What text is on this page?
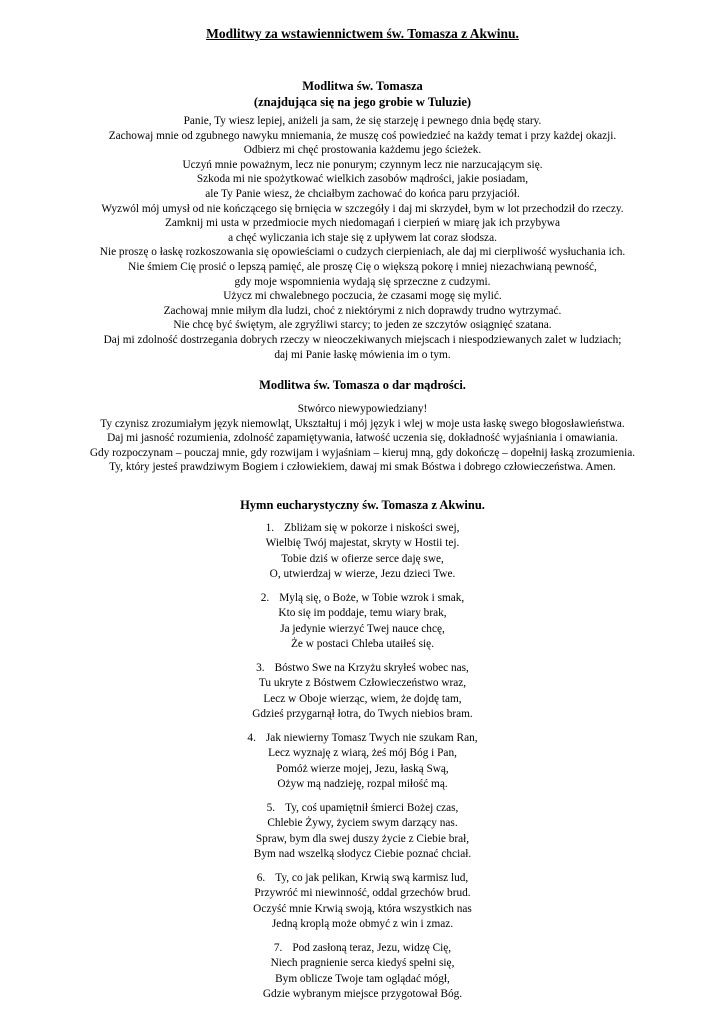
Modlitwy za wstawiennictwem św. Tomasza z Akwinu.
Modlitwa św. Tomasza
(znajdująca się na jego grobie w Tuluzie)
Panie, Ty wiesz lepiej, aniżeli ja sam, że się starzeję i pewnego dnia będę stary.
Zachowaj mnie od zgubnego nawyku mniemania, że muszę coś powiedzieć na każdy temat i przy każdej okazji.
Odbierz mi chęć prostowania każdemu jego ścieżek.
Uczyń mnie poważnym, lecz nie ponurym; czynnym lecz nie narzucającym się.
Szkoda mi nie spożytkować wielkich zasobów mądrości, jakie posiadam,
ale Ty Panie wiesz, że chciałbym zachować do końca paru przyjaciół.
Wyzwól mój umysł od nie kończącego się brnięcia w szczegóły i daj mi skrzydeł, bym w lot przechodził do rzeczy.
Zamknij mi usta w przedmiocie mych niedomagań i cierpień w miarę jak ich przybywa
a chęć wyliczania ich staje się z upływem lat coraz słodsza.
Nie proszę o łaskę rozkoszowania się opowieściami o cudzych cierpieniach, ale daj mi cierpliwość wysłuchania ich.
Nie śmiem Cię prosić o lepszą pamięć, ale proszę Cię o większą pokorę i mniej niezachwianą pewność,
gdy moje wspomnienia wydają się sprzeczne z cudzymi.
Użycz mi chwalebnego poczucia, że czasami mogę się mylić.
Zachowaj mnie miłym dla ludzi, choć z niektórymi z nich doprawdy trudno wytrzymać.
Nie chcę być świętym, ale zgryźliwi starcy; to jeden ze szczytów osiągnięć szatana.
Daj mi zdolność dostrzegania dobrych rzeczy w nieoczekiwanych miejscach i niespodziewanych zalet w ludziach;
daj mi Panie łaskę mówienia im o tym.
Modlitwa św. Tomasza o dar mądrości.
Stwórco niewypowiedziany!
Ty czynisz zrozumiałym język niemowląt, Ukształtuj i mój język i wlej w moje usta łaskę swego błogosławieństwa.
Daj mi jasność rozumienia, zdolność zapamiętywania, łatwość uczenia się, dokładność wyjaśniania i omawiania.
Gdy rozpoczynam – pouczaj mnie, gdy rozwijam i wyjaśniam – kieruj mną, gdy dokończę – dopełnij łaską zrozumienia.
Ty, który jesteś prawdziwym Bogiem i człowiekiem, dawaj mi smak Bóstwa i dobrego człowieczeństwa. Amen.
Hymn eucharystyczny św. Tomasza z Akwinu.
1. Zbliżam się w pokorze i niskości swej,
Wielbię Twój majestat, skryty w Hostii tej.
Tobie dziś w ofierze serce daję swe,
O, utwierdzaj w wierze, Jezu dzieci Twe.
2. Mylą się, o Boże, w Tobie wzrok i smak,
Kto się im poddaje, temu wiary brak,
Ja jedynie wierzyć Twej nauce chcę,
Że w postaci Chleba utaiłeś się.
3. Bóstwo Swe na Krzyżu skryłeś wobec nas,
Tu ukryte z Bóstwem Człowieczeństwo wraz,
Lecz w Oboje wierząc, wiem, że dojdę tam,
Gdzieś przygarnął łotra, do Twych niebios bram.
4. Jak niewierny Tomasz Twych nie szukam Ran,
Lecz wyznaję z wiarą, żeś mój Bóg i Pan,
Pomóż wierze mojej, Jezu, łaską Swą,
Ożyw mą nadzieję, rozpal miłość mą.
5. Ty, coś upamiętnił śmierci Bożej czas,
Chlebie Żywy, życiem swym darzący nas.
Spraw, bym dla swej duszy życie z Ciebie brał,
Bym nad wszelką słodycz Ciebie poznać chciał.
6. Ty, co jak pelikan, Krwią swą karmisz lud,
Przywróć mi niewinność, oddal grzechów brud.
Oczyść mnie Krwią swoją, która wszystkich nas
Jedną kroplą może obmyć z win i zmaz.
7. Pod zasłoną teraz, Jezu, widzę Cię,
Niech pragnienie serca kiedyś spełni się,
Bym oblicze Twoje tam oglądać mógł,
Gdzie wybranym miejsce przygotował Bóg.
